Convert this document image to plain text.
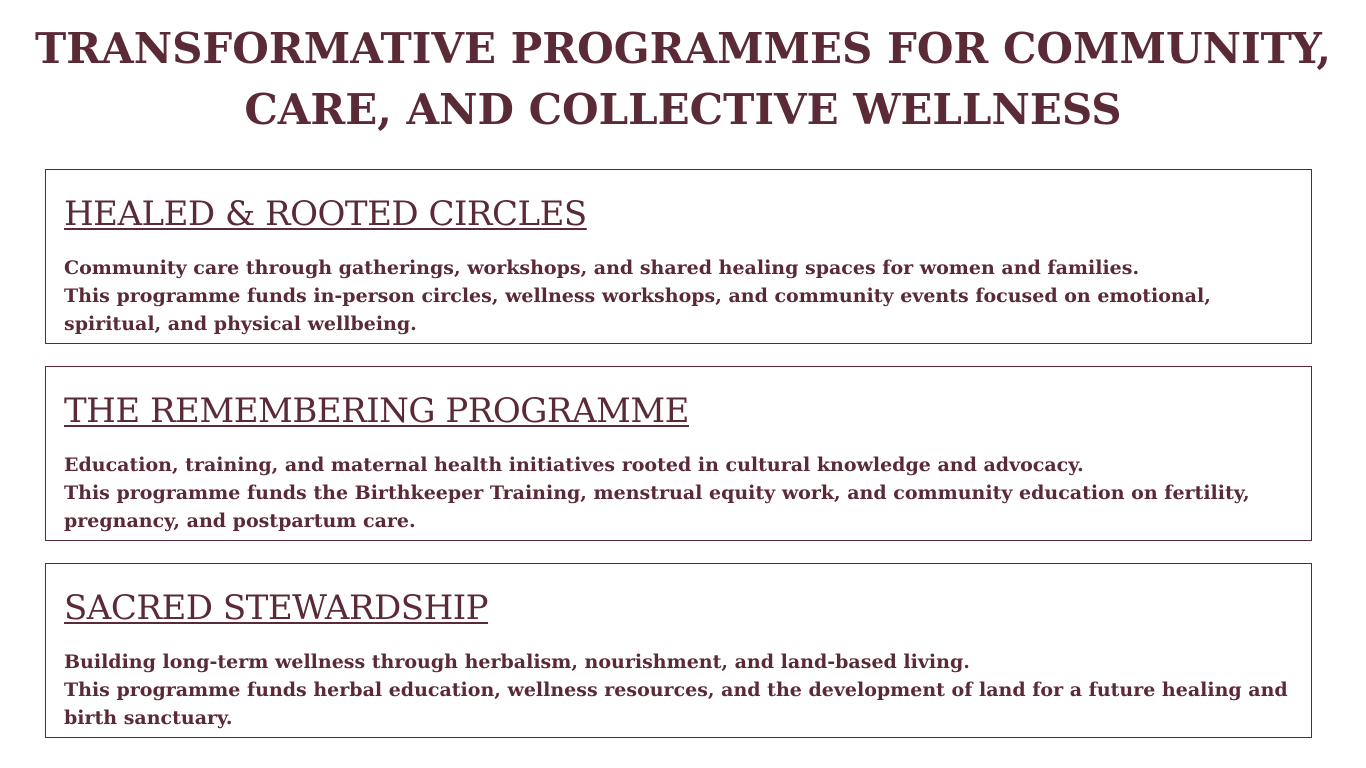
TRANSFORMATIVE PROGRAMMES FOR COMMUNITY,
CARE, AND COLLECTIVE WELLNESS
HEALED & ROOTED CIRCLES

Community care through gatherings, workshops, and shared healing spaces for women and families.
This programme funds in-person circles, wellness workshops, and community events focused on emotional, spiritual, and physical wellbeing.

THE REMEMBERING PROGRAMME

Education, training, and maternal health initiatives rooted in cultural knowledge and advocacy.
This programme funds the Birthkeeper Training, menstrual equity work, and community education on fertility, pregnancy, and postpartum care.

SACRED STEWARDSHIP

Building long-term wellness through herbalism, nourishment, and land-based living.
This programme funds herbal education, wellness resources, and the development of land for a future healing and birth sanctuary.
